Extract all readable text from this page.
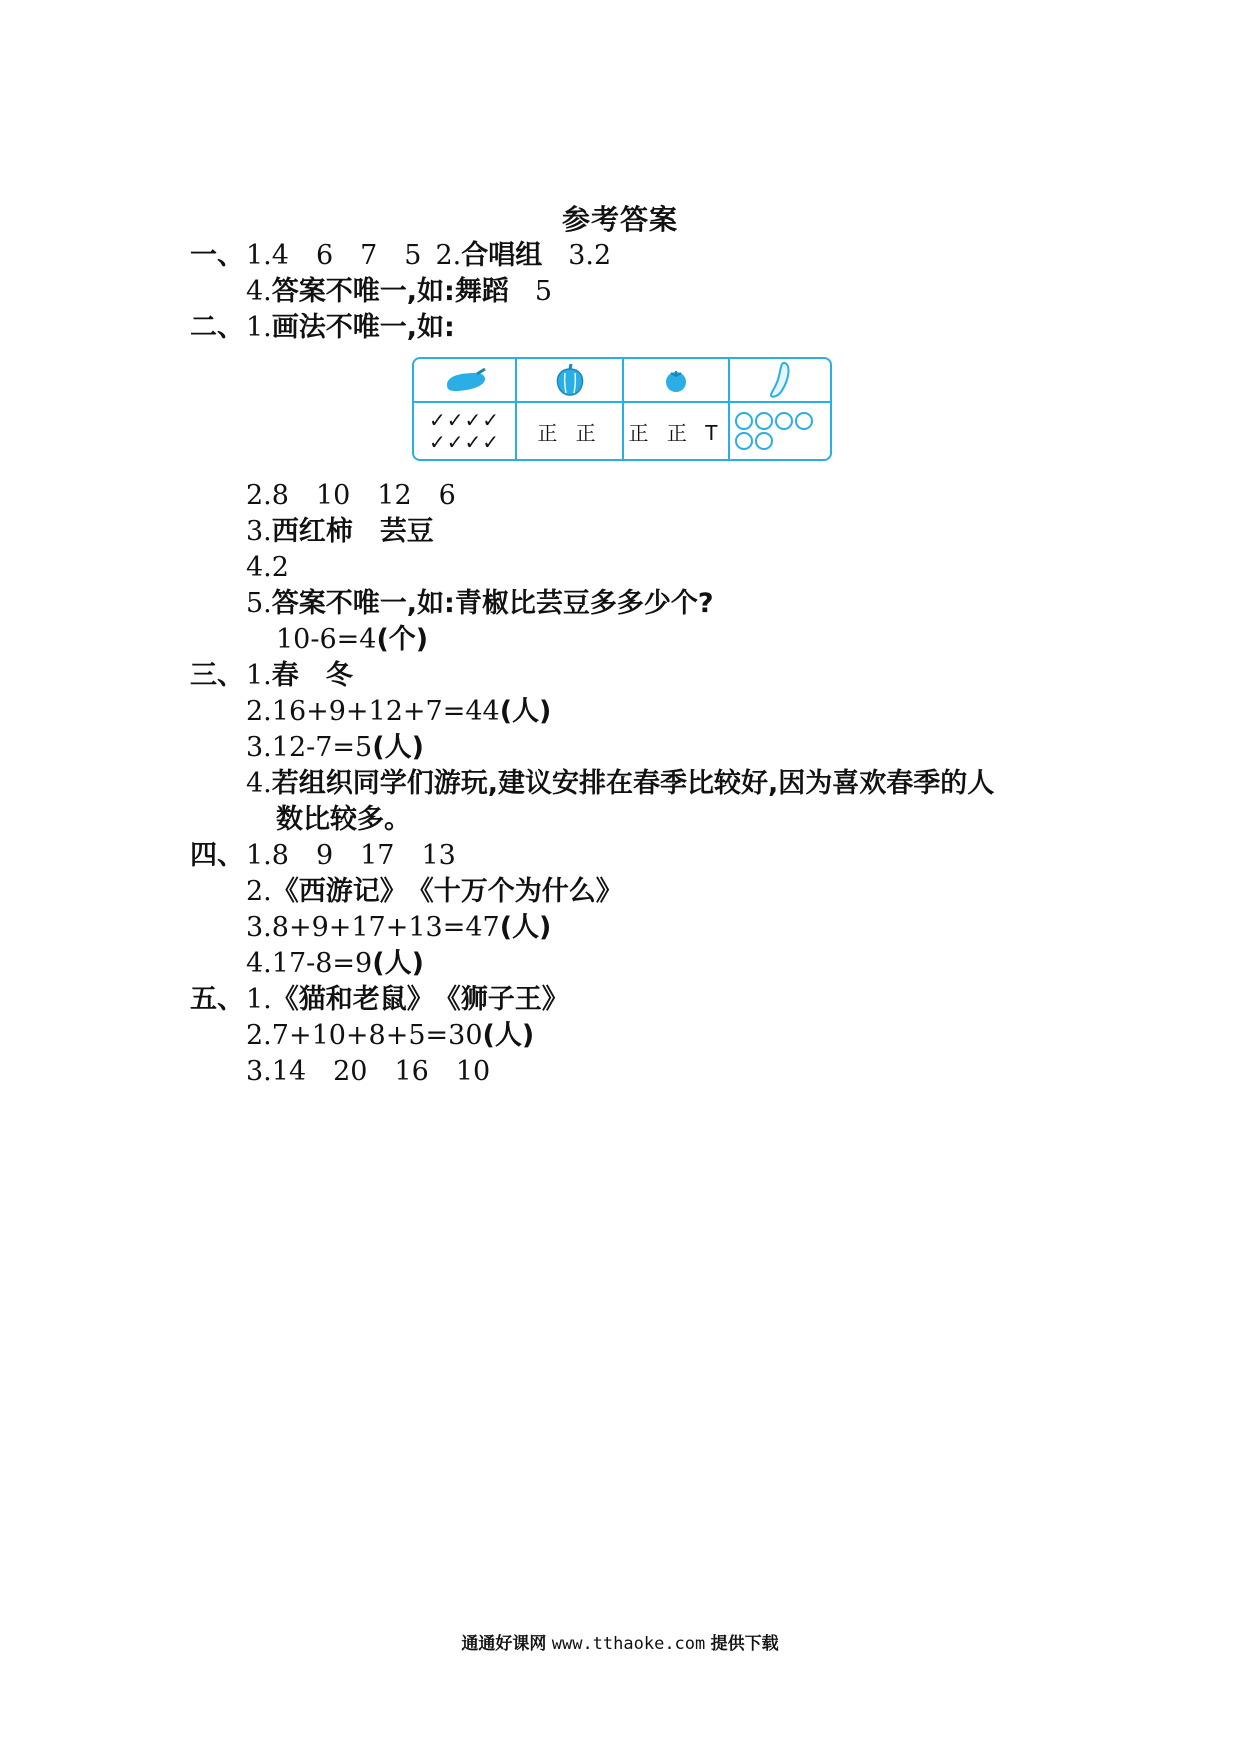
参考答案
一、 1.4　6　7　5 2.合唱组 3.2
4.答案不唯一,如:舞蹈 5
二、 1.画法不唯一,如:
✓✓✓✓
✓✓✓✓ 正 正 正 正 T
2.8　10　12　6
3.西红柿　芸豆
4.2
5.答案不唯一,如:青椒比芸豆多多少个?
10-6=4(个)
三、 1.春　冬
2.16+9+12+7=44(人)
3.12-7=5(人)
4.若组织同学们游玩,建议安排在春季比较好,因为喜欢春季的人
数比较多。
四、 1.8　9　17　13
2.《西游记》　《十万个为什么》
3.8+9+17+13=47(人)
4.17-8=9(人)
五、 1.《猫和老鼠》　《狮子王》
2.7+10+8+5=30(人)
3.14　20　16　10
通通好课网 www.tthaoke.com 提供下载
